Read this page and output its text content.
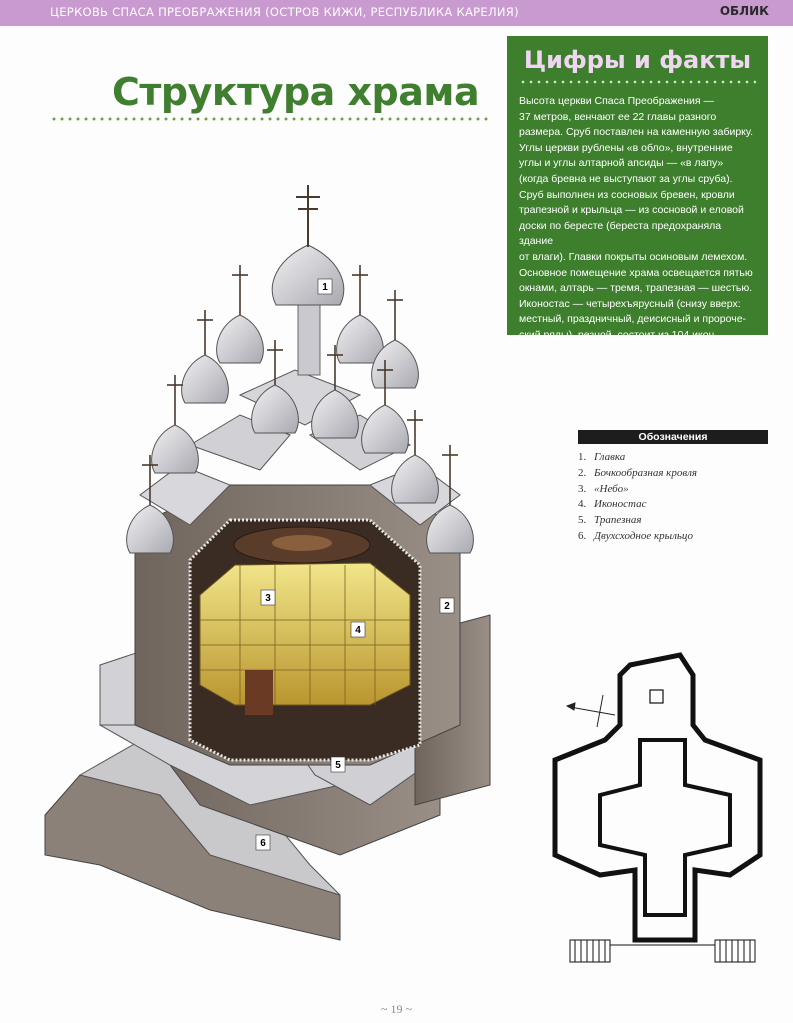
ЦЕРКОВЬ СПАСА ПРЕОБРАЖЕНИЯ (ОСТРОВ КИЖИ, РЕСПУБЛИКА КАРЕЛИЯ)	ОБЛИК
Структура храма
Цифры и факты
Высота церкви Спаса Преображения —
37 метров, венчают ее 22 главы разного
размера. Сруб поставлен на каменную забирку.
Углы церкви рублены «в обло», внутренние
углы и углы алтарной апсиды — «в лапу»
(когда бревна не выступают за углы сруба).
Сруб выполнен из сосновых бревен, кровли
трапезной и крыльца — из сосновой и еловой
доски по бересте (береста предохраняла здание
от влаги). Главки покрыты осиновым лемехом.
Основное помещение храма освещается пятью
окнами, алтарь — тремя, трапезная — шестью.
Иконостас — четырехъярусный (снизу вверх:
местный, праздничный, деисисный и пророче-
ский ряды), резной, состоит из 104 икон.
Обозначения
1. Главка
2. Бочкообразная кровля
3. «Небо»
4. Иконостас
5. Трапезная
6. Двухсходное крыльцо
1
2
3
4
5
6
~ 19 ~
